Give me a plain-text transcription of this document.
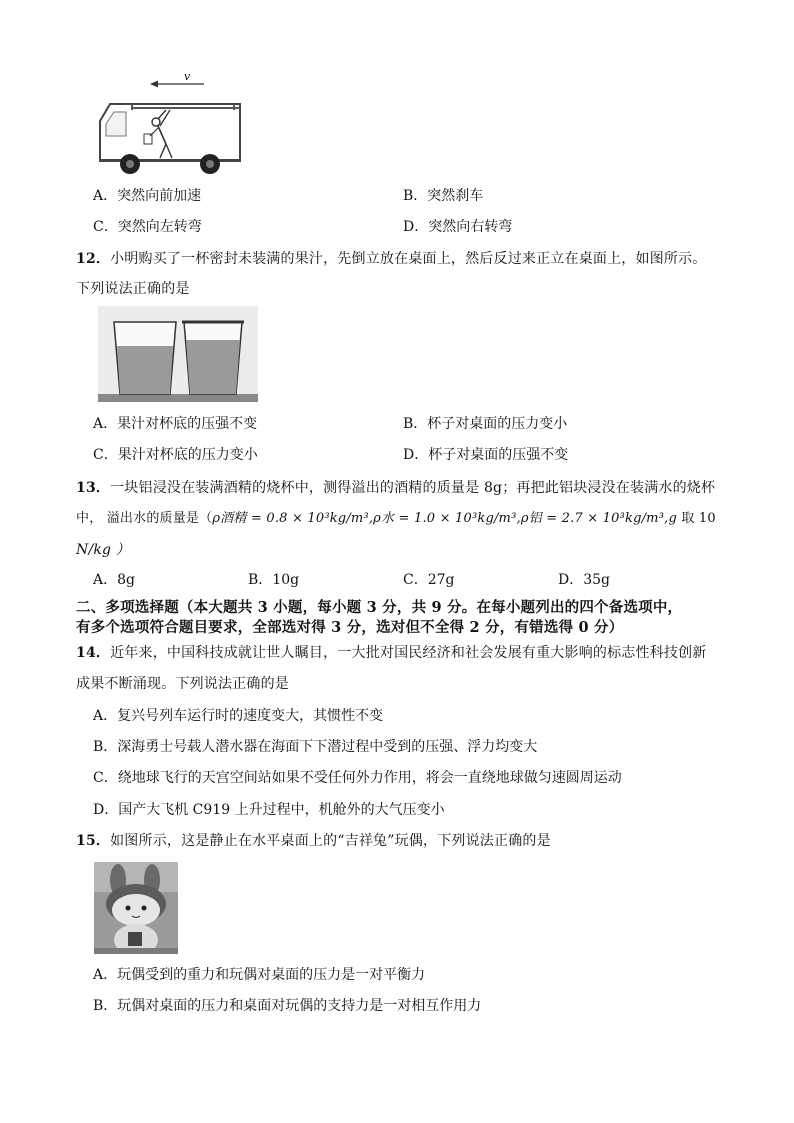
v
A．突然向前加速	B．突然刹车
C．突然向左转弯	D．突然向右转弯
12．小明购买了一杯密封未装满的果汁，先倒立放在桌面上，然后反过来正立在桌面上，如图所示。
下列说法正确的是
A．果汁对杯底的压强不变	B．杯子对桌面的压力变小
C．果汁对杯底的压力变小	D．杯子对桌面的压强不变
13．一块铝浸没在装满酒精的烧杯中，测得溢出的酒精的质量是 8g；再把此铝块浸没在装满水的烧杯
中， 溢出水的质量是（ρ酒精 = 0.8 × 10³kg/m³,ρ水 = 1.0 × 10³kg/m³,ρ铝 = 2.7 × 10³kg/m³,g 取 10
N/kg ）
A．8g	B．10g	C．27g	D．35g
二、多项选择题（本大题共 3 小题，每小题 3 分，共 9 分。在每小题列出的四个备选项中，
有多个选项符合题目要求，全部选对得 3 分，选对但不全得 2 分，有错选得 0 分）
14．近年来，中国科技成就让世人瞩目，一大批对国民经济和社会发展有重大影响的标志性科技创新
成果不断涌现。下列说法正确的是
A．复兴号列车运行时的速度变大，其惯性不变
B．深海勇士号载人潜水器在海面下下潜过程中受到的压强、浮力均变大
C．绕地球飞行的天宫空间站如果不受任何外力作用，将会一直绕地球做匀速圆周运动
D．国产大飞机 C919 上升过程中，机舱外的大气压变小
15．如图所示，这是静止在水平桌面上的“吉祥兔”玩偶，下列说法正确的是
A．玩偶受到的重力和玩偶对桌面的压力是一对平衡力
B．玩偶对桌面的压力和桌面对玩偶的支持力是一对相互作用力
